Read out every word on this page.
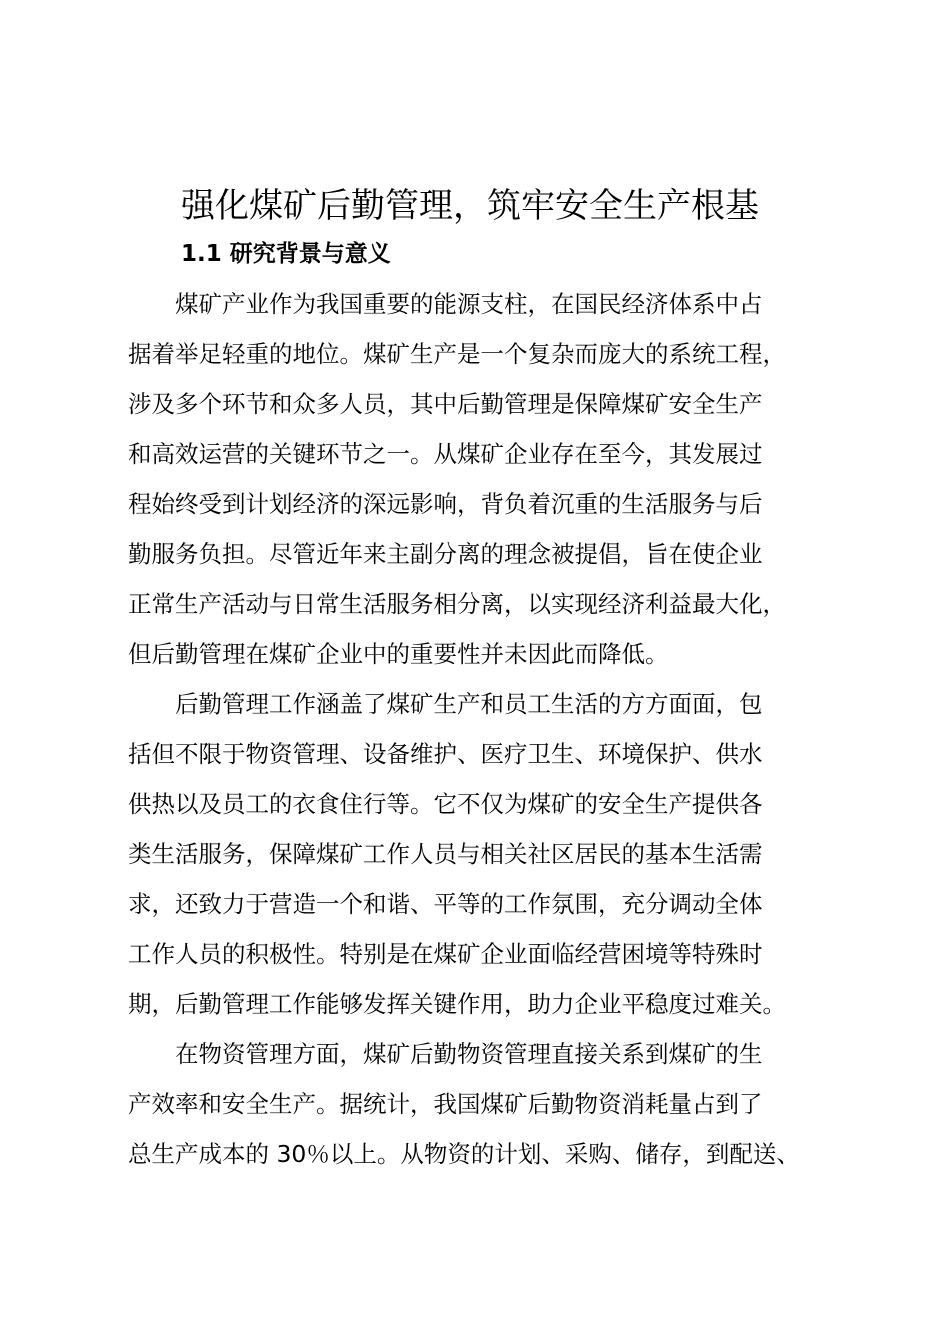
强化煤矿后勤管理，筑牢安全生产根基
1.1 研究背景与意义
　　煤矿产业作为我国重要的能源支柱，在国民经济体系中占
据着举足轻重的地位。煤矿生产是一个复杂而庞大的系统工程，
涉及多个环节和众多人员，其中后勤管理是保障煤矿安全生产
和高效运营的关键环节之一。从煤矿企业存在至今，其发展过
程始终受到计划经济的深远影响，背负着沉重的生活服务与后
勤服务负担。尽管近年来主副分离的理念被提倡，旨在使企业
正常生产活动与日常生活服务相分离，以实现经济利益最大化，
但后勤管理在煤矿企业中的重要性并未因此而降低。
　　后勤管理工作涵盖了煤矿生产和员工生活的方方面面，包
括但不限于物资管理、设备维护、医疗卫生、环境保护、供水
供热以及员工的衣食住行等。它不仅为煤矿的安全生产提供各
类生活服务，保障煤矿工作人员与相关社区居民的基本生活需
求，还致力于营造一个和谐、平等的工作氛围，充分调动全体
工作人员的积极性。特别是在煤矿企业面临经营困境等特殊时
期，后勤管理工作能够发挥关键作用，助力企业平稳度过难关。
　　在物资管理方面，煤矿后勤物资管理直接关系到煤矿的生
产效率和安全生产。据统计，我国煤矿后勤物资消耗量占到了
总生产成本的 30％以上。从物资的计划、采购、储存，到配送、
